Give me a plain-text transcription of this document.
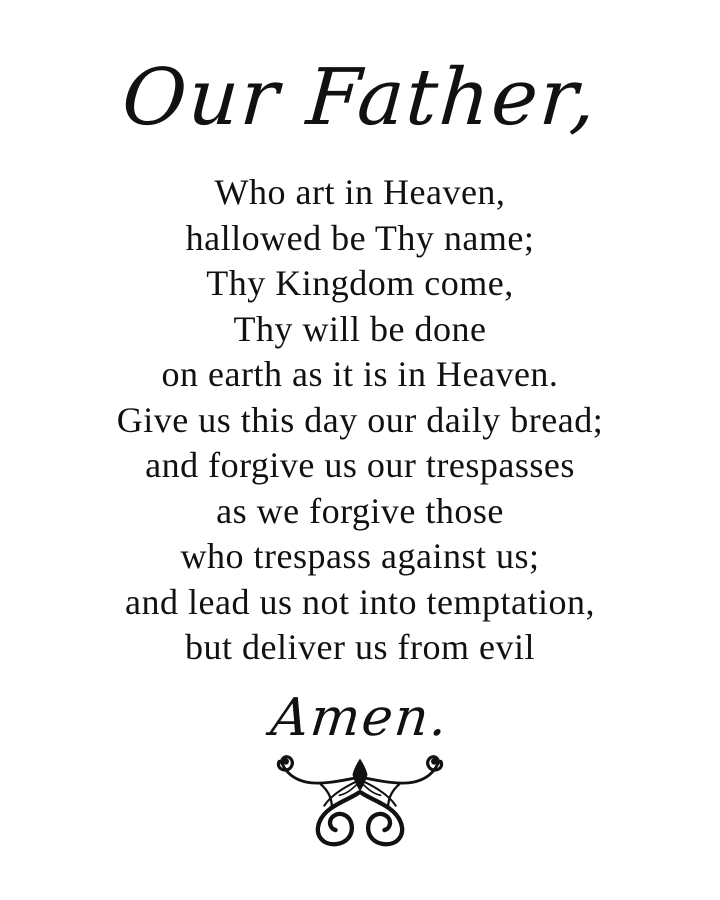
Our Father,
Who art in Heaven,
hallowed be Thy name;
Thy Kingdom come,
Thy will be done
on earth as it is in Heaven.
Give us this day our daily bread;
and forgive us our trespasses
as we forgive those
who trespass against us;
and lead us not into temptation,
but deliver us from evil
Amen.
